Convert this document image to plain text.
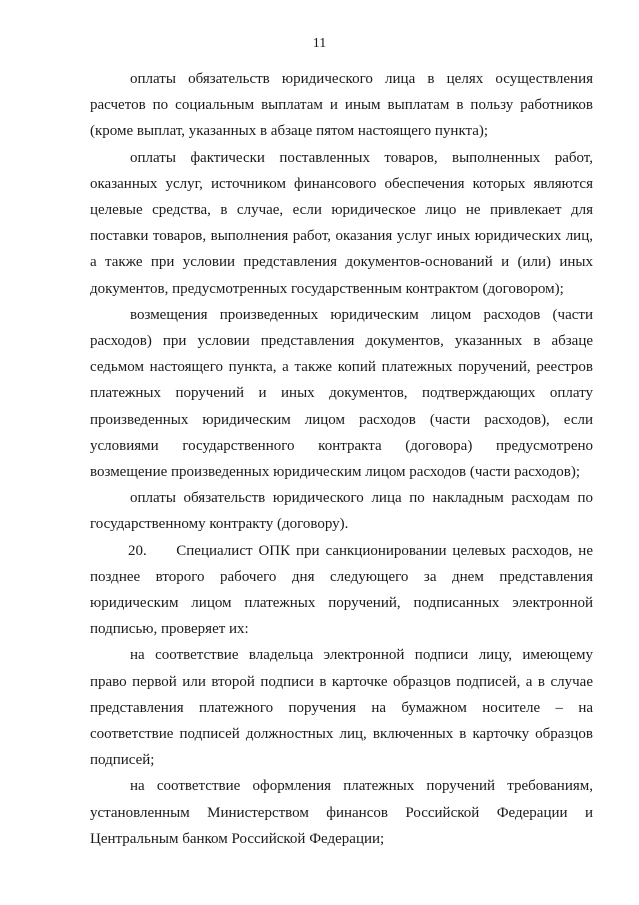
11

оплаты обязательств юридического лица в целях осуществления расчетов по социальным выплатам и иным выплатам в пользу работников (кроме выплат, указанных в абзаце пятом настоящего пункта);

оплаты фактически поставленных товаров, выполненных работ, оказанных услуг, источником финансового обеспечения которых являются целевые средства, в случае, если юридическое лицо не привлекает для поставки товаров, выполнения работ, оказания услуг иных юридических лиц, а также при условии представления документов-оснований и (или) иных документов, предусмотренных государственным контрактом (договором);

возмещения произведенных юридическим лицом расходов (части расходов) при условии представления документов, указанных в абзаце седьмом настоящего пункта, а также копий платежных поручений, реестров платежных поручений и иных документов, подтверждающих оплату произведенных юридическим лицом расходов (части расходов), если условиями государственного контракта (договора) предусмотрено возмещение произведенных юридическим лицом расходов (части расходов);

оплаты обязательств юридического лица по накладным расходам по государственному контракту (договору).

20.     Специалист ОПК при санкционировании целевых расходов, не позднее второго рабочего дня следующего за днем представления юридическим лицом платежных поручений, подписанных электронной подписью, проверяет их:

на соответствие владельца электронной подписи лицу, имеющему право первой или второй подписи в карточке образцов подписей, а в случае представления платежного поручения на бумажном носителе – на соответствие подписей должностных лиц, включенных в карточку образцов подписей;

на соответствие оформления платежных поручений требованиям, установленным Министерством финансов Российской Федерации и Центральным банком Российской Федерации;
